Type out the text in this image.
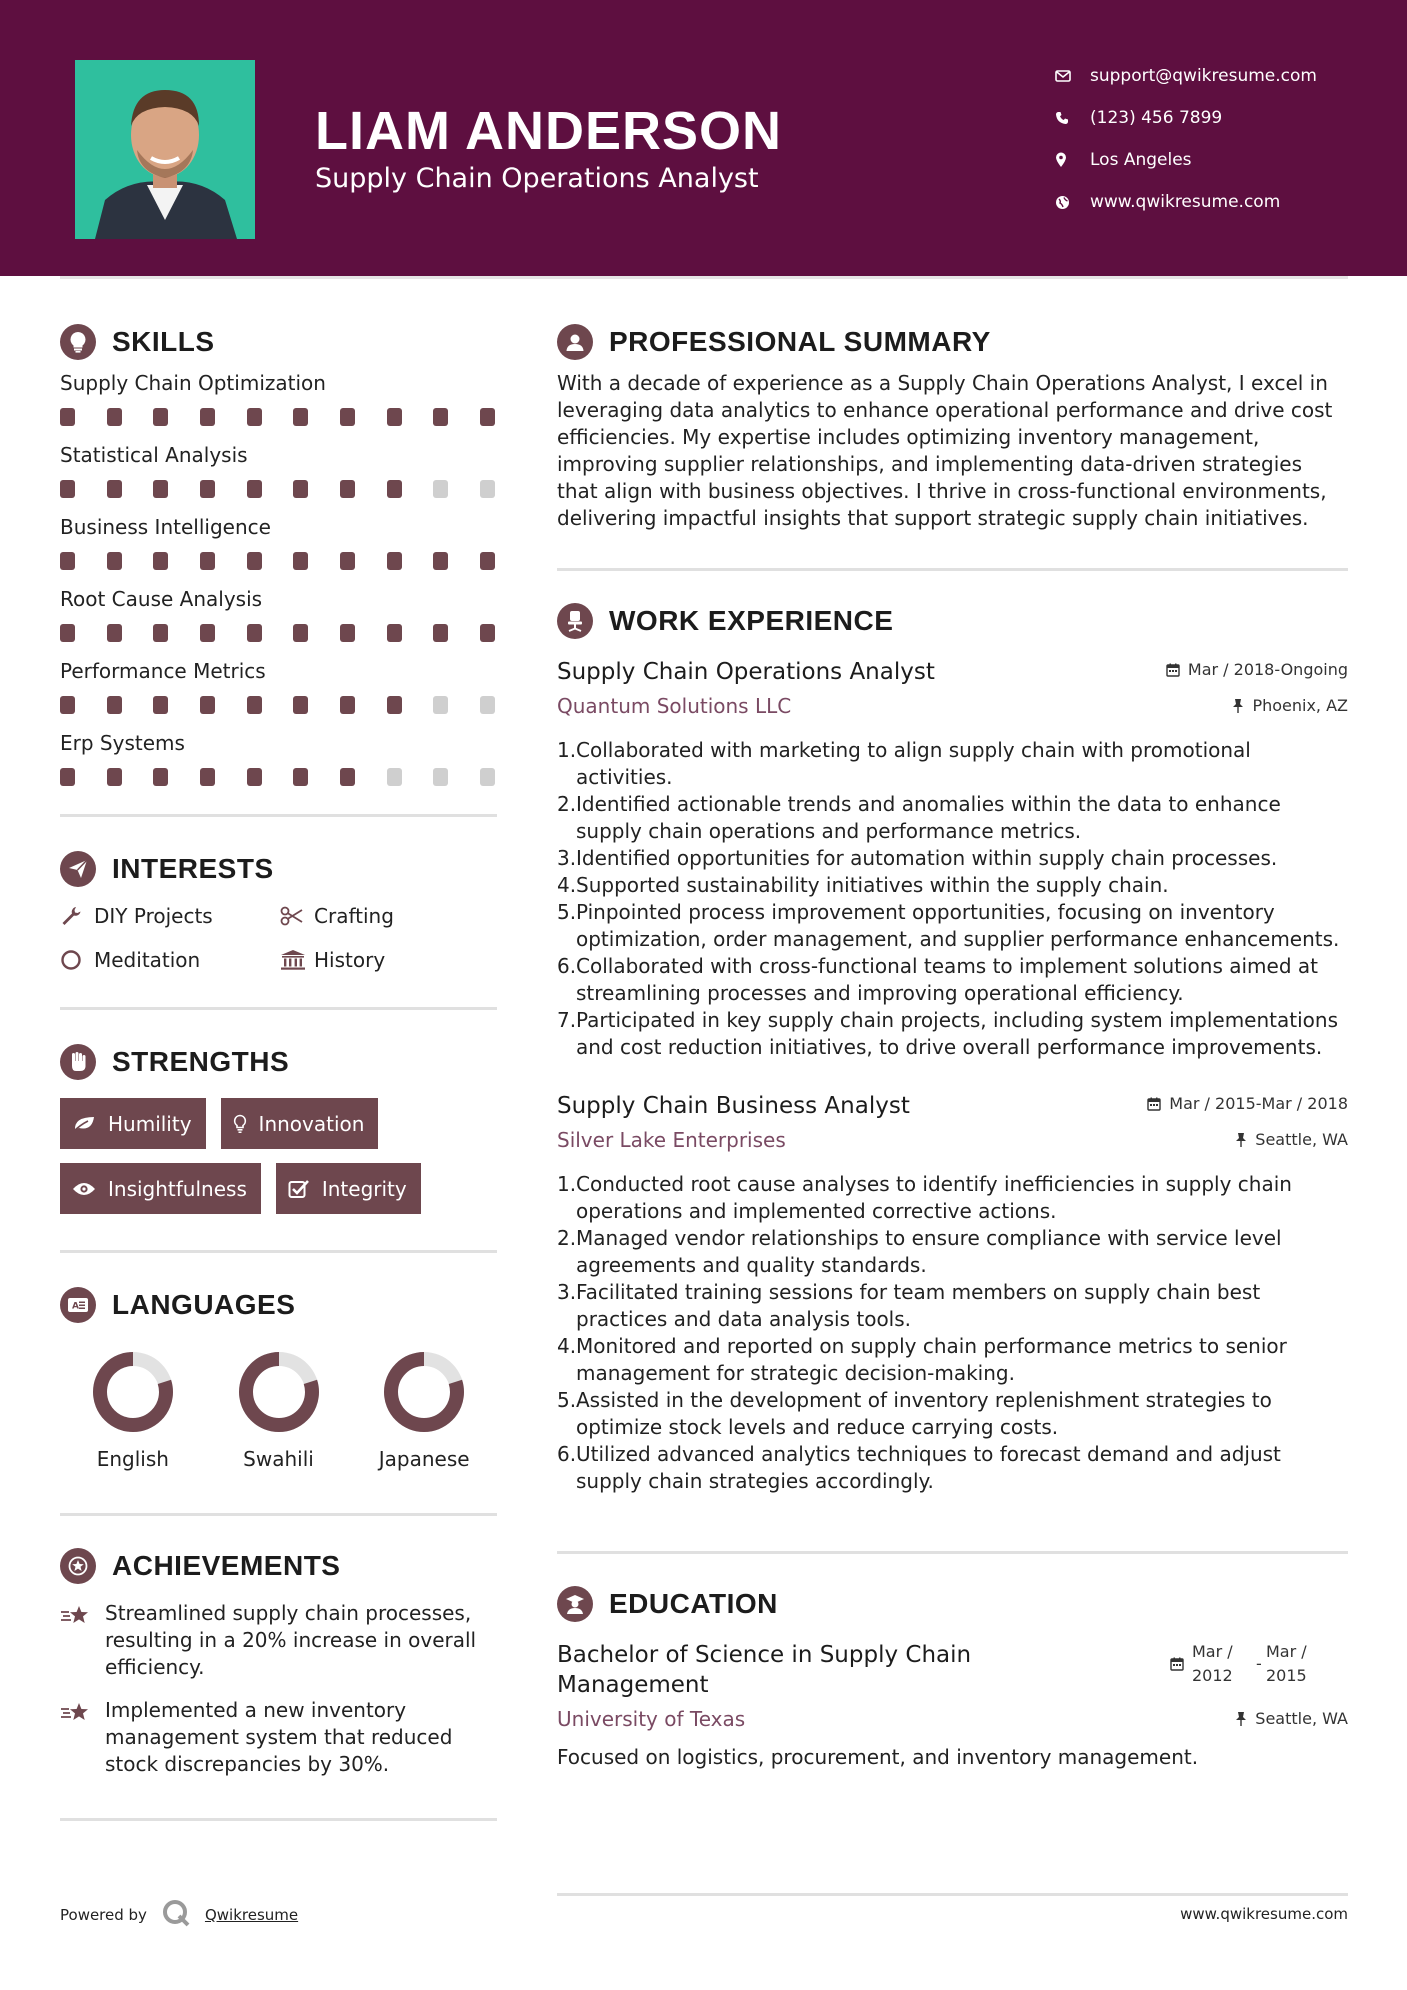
LIAM ANDERSON
Supply Chain Operations Analyst
support@qwikresume.com
(123) 456 7899
Los Angeles
www.qwikresume.com
SKILLS
Supply Chain Optimization
Statistical Analysis
Business Intelligence
Root Cause Analysis
Performance Metrics
Erp Systems
INTERESTS
DIY Projects	Crafting
Meditation	History
STRENGTHS
Humility	Innovation
Insightfulness	Integrity
A LANGUAGES
English	Swahili	Japanese
ACHIEVEMENTS
Streamlined supply chain processes, resulting in a 20% increase in overall efficiency.
Implemented a new inventory management system that reduced stock discrepancies by 30%.
PROFESSIONAL SUMMARY
With a decade of experience as a Supply Chain Operations Analyst, I excel in leveraging data analytics to enhance operational performance and drive cost efficiencies. My expertise includes optimizing inventory management, improving supplier relationships, and implementing data-driven strategies that align with business objectives. I thrive in cross-functional environments, delivering impactful insights that support strategic supply chain initiatives.
WORK EXPERIENCE
Supply Chain Operations Analyst	Mar / 2018-Ongoing
Quantum Solutions LLC	Phoenix, AZ
1. Collaborated with marketing to align supply chain with promotional activities.
2. Identified actionable trends and anomalies within the data to enhance supply chain operations and performance metrics.
3. Identified opportunities for automation within supply chain processes.
4. Supported sustainability initiatives within the supply chain.
5. Pinpointed process improvement opportunities, focusing on inventory optimization, order management, and supplier performance enhancements.
6. Collaborated with cross-functional teams to implement solutions aimed at streamlining processes and improving operational efficiency.
7. Participated in key supply chain projects, including system implementations and cost reduction initiatives, to drive overall performance improvements.
Supply Chain Business Analyst	Mar / 2015-Mar / 2018
Silver Lake Enterprises	Seattle, WA
1. Conducted root cause analyses to identify inefficiencies in supply chain operations and implemented corrective actions.
2. Managed vendor relationships to ensure compliance with service level agreements and quality standards.
3. Facilitated training sessions for team members on supply chain best practices and data analysis tools.
4. Monitored and reported on supply chain performance metrics to senior management for strategic decision-making.
5. Assisted in the development of inventory replenishment strategies to optimize stock levels and reduce carrying costs.
6. Utilized advanced analytics techniques to forecast demand and adjust supply chain strategies accordingly.
EDUCATION
Bachelor of Science in Supply Chain Management
Mar / 2012
-
Mar / 2015
University of Texas	Seattle, WA
Focused on logistics, procurement, and inventory management.
Powered by	Qwikresume	www.qwikresume.com
